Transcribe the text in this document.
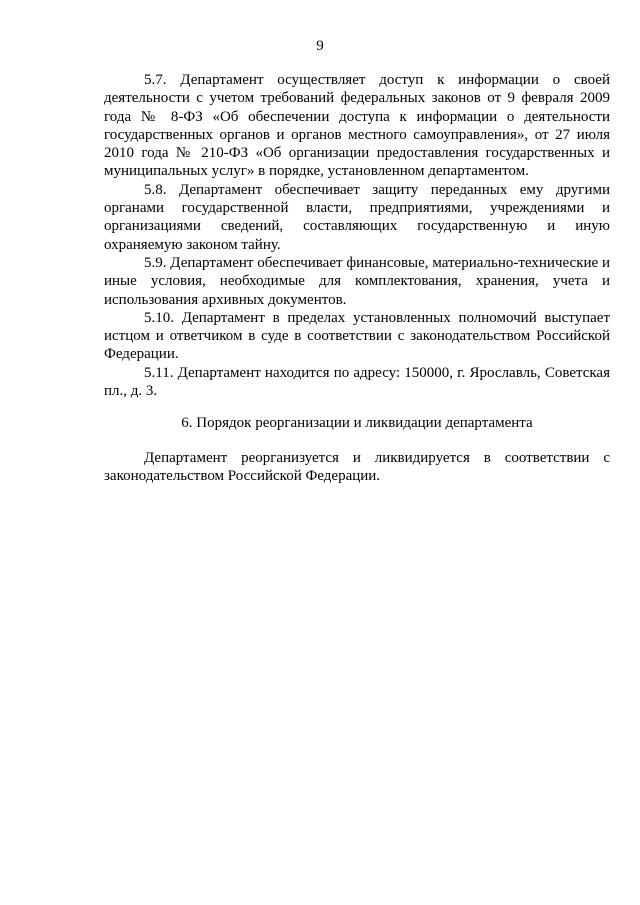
9

5.7. Департамент осуществляет доступ к информации о своей деятельности с учетом требований федеральных законов от 9 февраля 2009 года № 8-ФЗ «Об обеспечении доступа к информации о деятельности государственных органов и органов местного самоуправления», от 27 июля 2010 года № 210-ФЗ «Об организации предоставления государственных и муниципальных услуг» в порядке, установленном департаментом.

5.8. Департамент обеспечивает защиту переданных ему другими органами государственной власти, предприятиями, учреждениями и организациями сведений, составляющих государственную и иную охраняемую законом тайну.

5.9. Департамент обеспечивает финансовые, материально-технические и иные условия, необходимые для комплектования, хранения, учета и использования архивных документов.

5.10. Департамент в пределах установленных полномочий выступает истцом и ответчиком в суде в соответствии с законодательством Российской Федерации.

5.11. Департамент находится по адресу: 150000, г. Ярославль, Советская пл., д. 3.

6. Порядок реорганизации и ликвидации департамента

Департамент реорганизуется и ликвидируется в соответствии с законодательством Российской Федерации.
